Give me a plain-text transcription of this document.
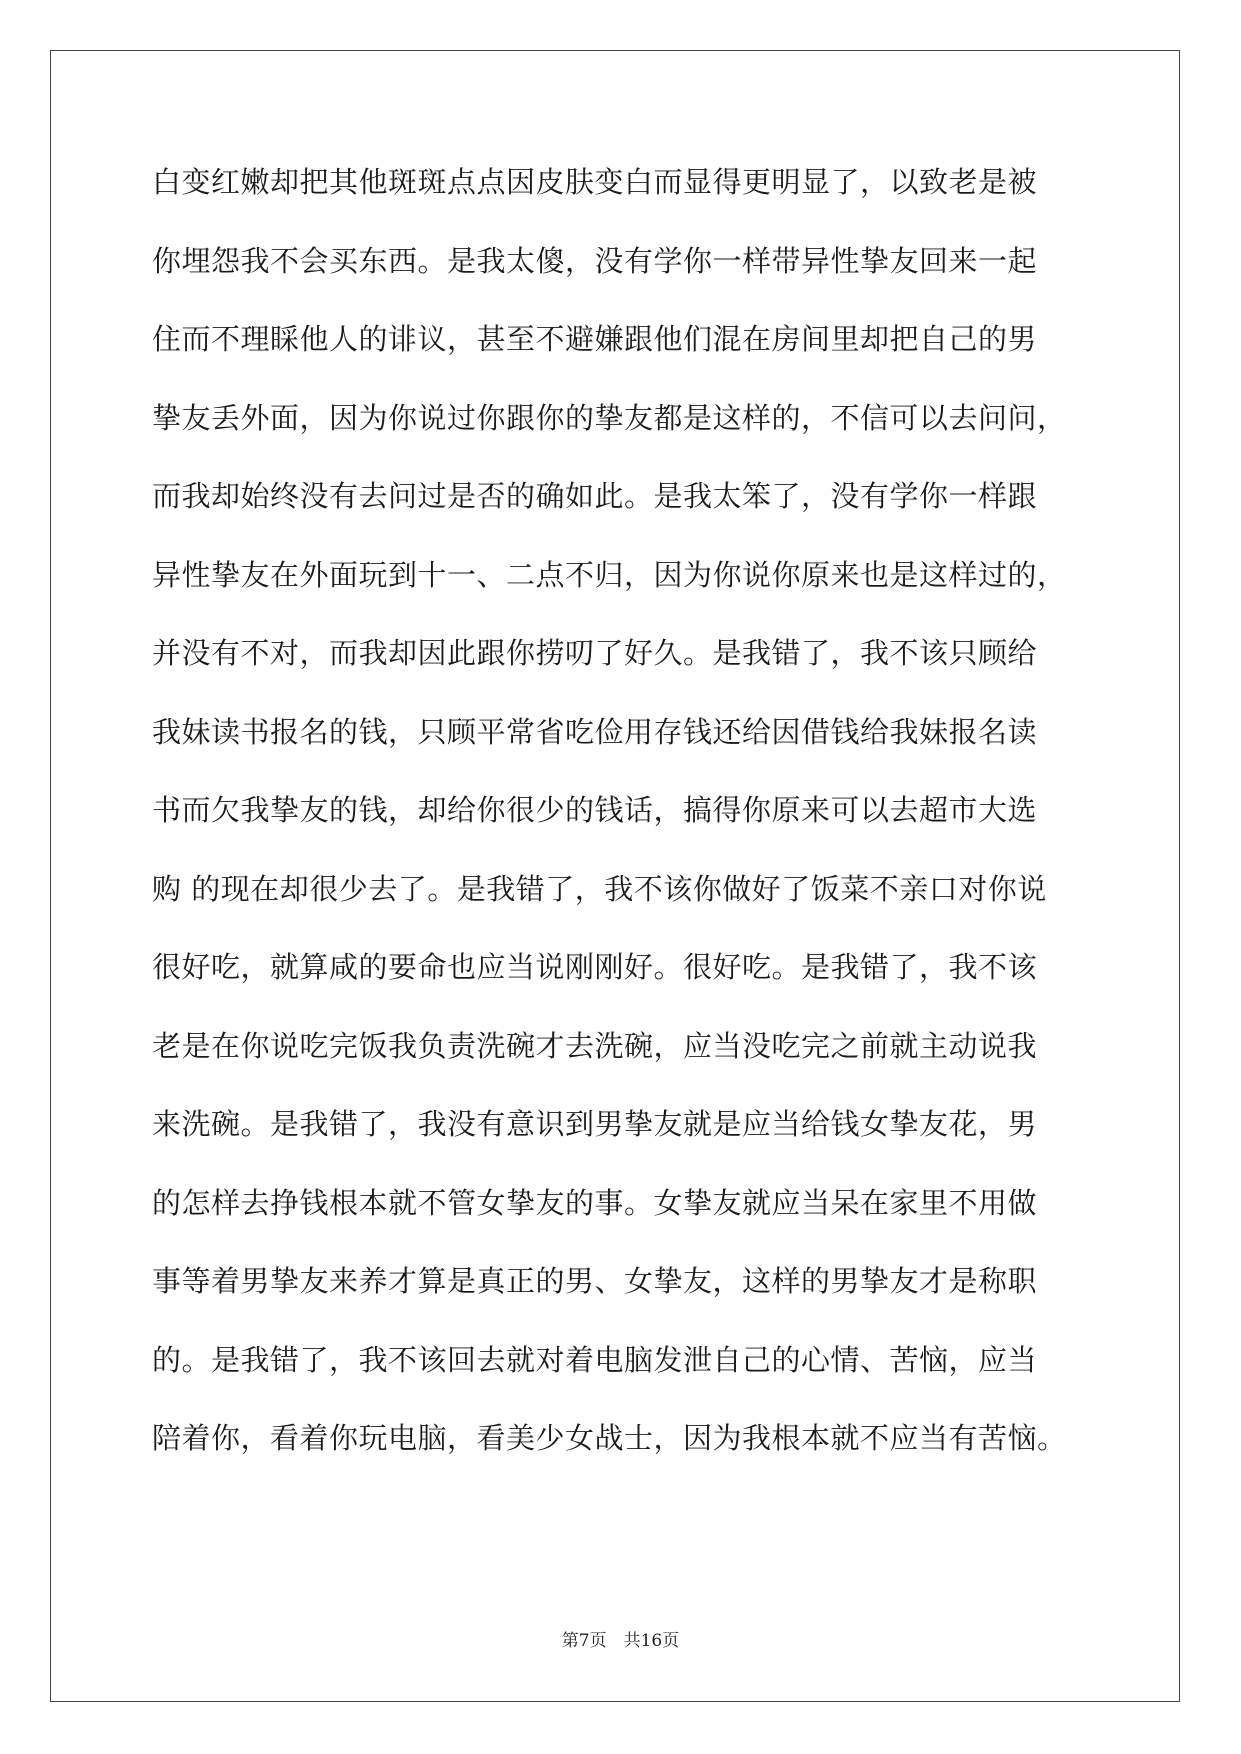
白变红嫩却把其他斑斑点点因皮肤变白而显得更明显了，以致老是被
你埋怨我不会买东西。是我太傻，没有学你一样带异性挚友回来一起
住而不理睬他人的诽议，甚至不避嫌跟他们混在房间里却把自己的男
挚友丢外面，因为你说过你跟你的挚友都是这样的，不信可以去问问，
而我却始终没有去问过是否的确如此。是我太笨了，没有学你一样跟
异性挚友在外面玩到十一、二点不归，因为你说你原来也是这样过的，
并没有不对，而我却因此跟你捞叨了好久。是我错了，我不该只顾给
我妹读书报名的钱，只顾平常省吃俭用存钱还给因借钱给我妹报名读
书而欠我挚友的钱，却给你很少的钱话，搞得你原来可以去超市大选
购 的现在却很少去了。是我错了，我不该你做好了饭菜不亲口对你说
很好吃，就算咸的要命也应当说刚刚好。很好吃。是我错了，我不该
老是在你说吃完饭我负责洗碗才去洗碗，应当没吃完之前就主动说我
来洗碗。是我错了，我没有意识到男挚友就是应当给钱女挚友花，男
的怎样去挣钱根本就不管女挚友的事。女挚友就应当呆在家里不用做
事等着男挚友来养才算是真正的男、女挚友，这样的男挚友才是称职
的。是我错了，我不该回去就对着电脑发泄自己的心情、苦恼，应当
陪着你，看着你玩电脑，看美少女战士，因为我根本就不应当有苦恼。
第7页　共16页
